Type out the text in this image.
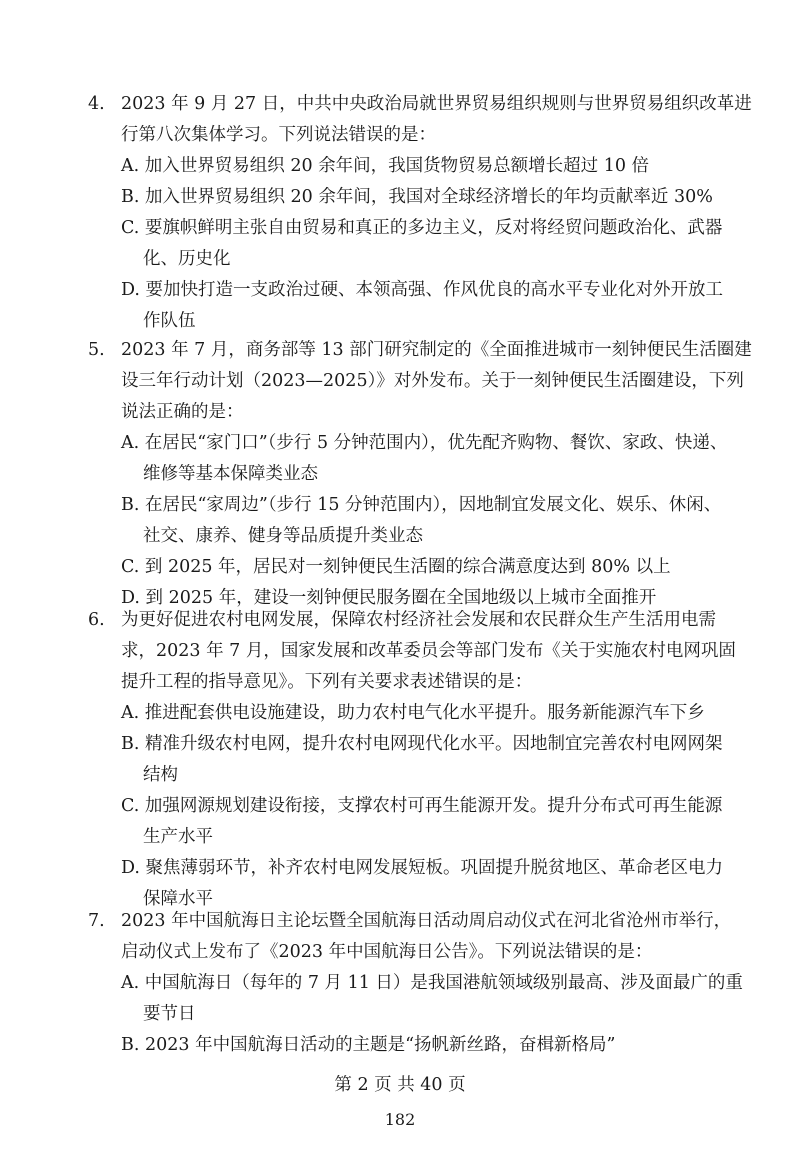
4. 2023 年 9 月 27 日，中共中央政治局就世界贸易组织规则与世界贸易组织改革进
行第八次集体学习。下列说法错误的是：
A. 加入世界贸易组织 20 余年间，我国货物贸易总额增长超过 10 倍
B. 加入世界贸易组织 20 余年间，我国对全球经济增长的年均贡献率近 30%
C. 要旗帜鲜明主张自由贸易和真正的多边主义，反对将经贸问题政治化、武器
化、历史化
D. 要加快打造一支政治过硬、本领高强、作风优良的高水平专业化对外开放工
作队伍
5. 2023 年 7 月，商务部等 13 部门研究制定的《全面推进城市一刻钟便民生活圈建
设三年行动计划（2023—2025）》对外发布。关于一刻钟便民生活圈建设，下列
说法正确的是：
A. 在居民“家门口”（步行 5 分钟范围内），优先配齐购物、餐饮、家政、快递、
维修等基本保障类业态
B. 在居民“家周边”（步行 15 分钟范围内），因地制宜发展文化、娱乐、休闲、
社交、康养、健身等品质提升类业态
C. 到 2025 年，居民对一刻钟便民生活圈的综合满意度达到 80% 以上
D. 到 2025 年，建设一刻钟便民服务圈在全国地级以上城市全面推开
6. 为更好促进农村电网发展，保障农村经济社会发展和农民群众生产生活用电需
求，2023 年 7 月，国家发展和改革委员会等部门发布《关于实施农村电网巩固
提升工程的指导意见》。下列有关要求表述错误的是：
A. 推进配套供电设施建设，助力农村电气化水平提升。服务新能源汽车下乡
B. 精准升级农村电网，提升农村电网现代化水平。因地制宜完善农村电网网架
结构
C. 加强网源规划建设衔接，支撑农村可再生能源开发。提升分布式可再生能源
生产水平
D. 聚焦薄弱环节，补齐农村电网发展短板。巩固提升脱贫地区、革命老区电力
保障水平
7. 2023 年中国航海日主论坛暨全国航海日活动周启动仪式在河北省沧州市举行，
启动仪式上发布了《2023 年中国航海日公告》。下列说法错误的是：
A. 中国航海日（每年的 7 月 11 日）是我国港航领域级别最高、涉及面最广的重
要节日
B. 2023 年中国航海日活动的主题是“扬帆新丝路，奋楫新格局”
第 2 页 共 40 页
182
